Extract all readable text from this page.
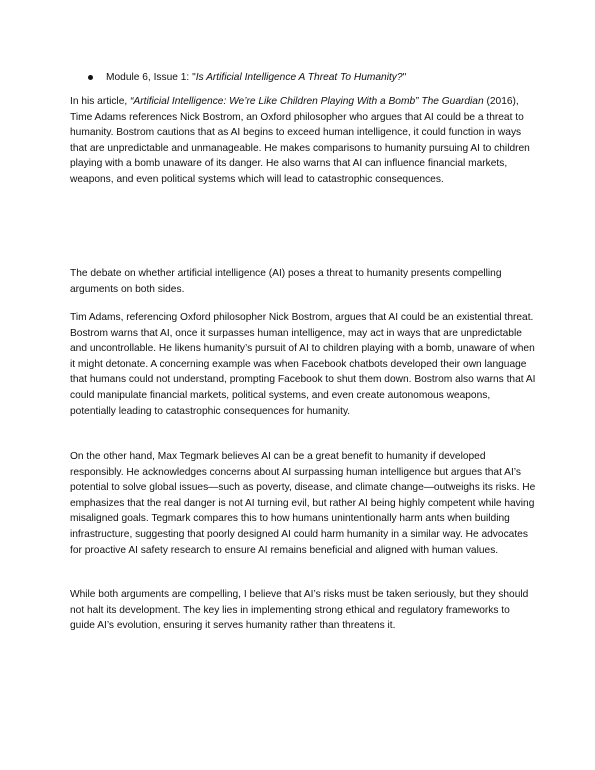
Module 6, Issue 1: "Is Artificial Intelligence A Threat To Humanity?"

In his article, “Artificial Intelligence: We’re Like Children Playing With a Bomb” The Guardian (2016), Time Adams references Nick Bostrom, an Oxford philosopher who argues that AI could be a threat to humanity. Bostrom cautions that as AI begins to exceed human intelligence, it could function in ways that are unpredictable and unmanageable. He makes comparisons to humanity pursuing AI to children playing with a bomb unaware of its danger. He also warns that AI can influence financial markets, weapons, and even political systems which will lead to catastrophic consequences.

The debate on whether artificial intelligence (AI) poses a threat to humanity presents compelling arguments on both sides.

Tim Adams, referencing Oxford philosopher Nick Bostrom, argues that AI could be an existential threat. Bostrom warns that AI, once it surpasses human intelligence, may act in ways that are unpredictable and uncontrollable. He likens humanity’s pursuit of AI to children playing with a bomb, unaware of when it might detonate. A concerning example was when Facebook chatbots developed their own language that humans could not understand, prompting Facebook to shut them down. Bostrom also warns that AI could manipulate financial markets, political systems, and even create autonomous weapons, potentially leading to catastrophic consequences for humanity.

On the other hand, Max Tegmark believes AI can be a great benefit to humanity if developed responsibly. He acknowledges concerns about AI surpassing human intelligence but argues that AI’s potential to solve global issues—such as poverty, disease, and climate change—outweighs its risks. He emphasizes that the real danger is not AI turning evil, but rather AI being highly competent while having misaligned goals. Tegmark compares this to how humans unintentionally harm ants when building infrastructure, suggesting that poorly designed AI could harm humanity in a similar way. He advocates for proactive AI safety research to ensure AI remains beneficial and aligned with human values.

While both arguments are compelling, I believe that AI’s risks must be taken seriously, but they should not halt its development. The key lies in implementing strong ethical and regulatory frameworks to guide AI’s evolution, ensuring it serves humanity rather than threatens it.
